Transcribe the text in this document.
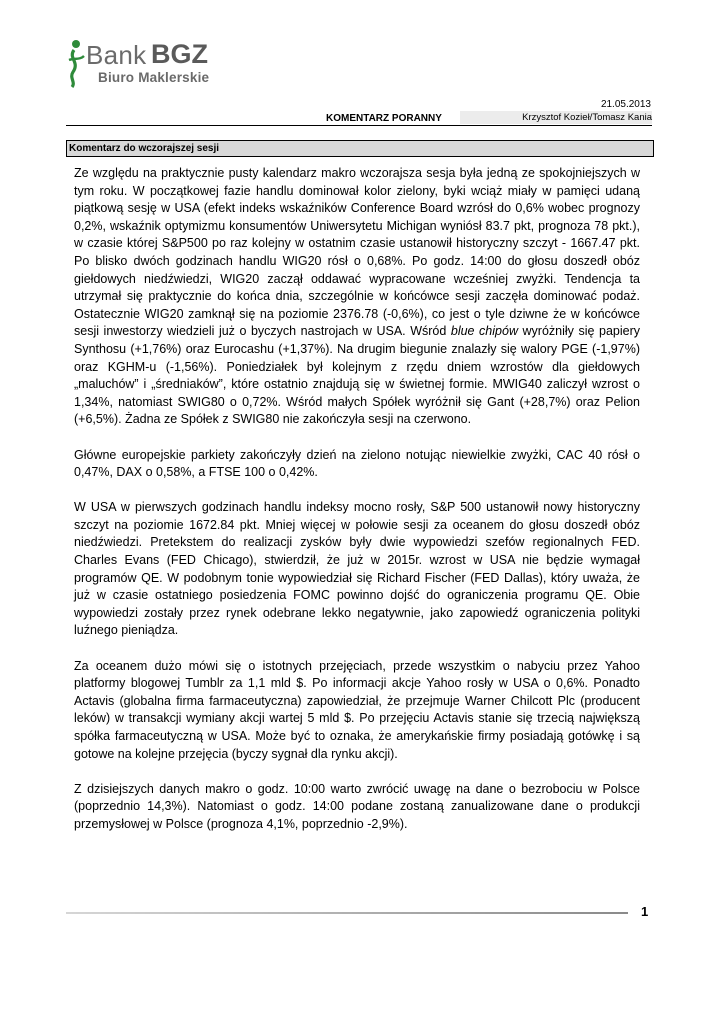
Bank BGZ
Biuro Maklerskie
21.05.2013
KOMENTARZ PORANNY	Krzysztof Kozieł/Tomasz Kania
Komentarz do wczorajszej sesji

Ze względu na praktycznie pusty kalendarz makro wczorajsza sesja była jedną ze spokojniejszych w tym roku. W początkowej fazie handlu dominował kolor zielony, byki wciąż miały w pamięci udaną piątkową sesję w USA (efekt indeks wskaźników Conference Board wzrósł do 0,6% wobec prognozy 0,2%, wskaźnik optymizmu konsumentów Uniwersytetu Michigan wyniósł 83.7 pkt, prognoza 78 pkt.), w czasie której S&P500 po raz kolejny w ostatnim czasie ustanowił historyczny szczyt - 1667.47 pkt. Po blisko dwóch godzinach handlu WIG20 rósł o 0,68%. Po godz. 14:00 do głosu doszedł obóz giełdowych niedźwiedzi, WIG20 zaczął oddawać wypracowane wcześniej zwyżki. Tendencja ta utrzymał się praktycznie do końca dnia, szczególnie w końcówce sesji zaczęła dominować podaż. Ostatecznie WIG20 zamknął się na poziomie 2376.78 (-0,6%), co jest o tyle dziwne że w końcówce sesji inwestorzy wiedzieli już o byczych nastrojach w USA. Wśród blue chipów wyróżniły się papiery Synthosu (+1,76%) oraz Eurocashu (+1,37%). Na drugim biegunie znalazły się walory PGE (-1,97%) oraz KGHM-u (-1,56%). Poniedziałek był kolejnym z rzędu dniem wzrostów dla giełdowych „maluchów” i „średniaków”, które ostatnio znajdują się w świetnej formie. MWIG40 zaliczył wzrost o 1,34%, natomiast SWIG80 o 0,72%. Wśród małych Spółek wyróżnił się Gant (+28,7%) oraz Pelion (+6,5%). Żadna ze Spółek z SWIG80 nie zakończyła sesji na czerwono.

Główne europejskie parkiety zakończyły dzień na zielono notując niewielkie zwyżki, CAC 40 rósł o 0,47%, DAX o 0,58%, a FTSE 100 o 0,42%.

W USA w pierwszych godzinach handlu indeksy mocno rosły, S&P 500 ustanowił nowy historyczny szczyt na poziomie 1672.84 pkt. Mniej więcej w połowie sesji za oceanem do głosu doszedł obóz niedźwiedzi. Pretekstem do realizacji zysków były dwie wypowiedzi szefów regionalnych FED. Charles Evans (FED Chicago), stwierdził, że już w 2015r. wzrost w USA nie będzie wymagał programów QE. W podobnym tonie wypowiedział się Richard Fischer (FED Dallas), który uważa, że już w czasie ostatniego posiedzenia FOMC powinno dojść do ograniczenia programu QE. Obie wypowiedzi zostały przez rynek odebrane lekko negatywnie, jako zapowiedź ograniczenia polityki luźnego pieniądza.

Za oceanem dużo mówi się o istotnych przejęciach, przede wszystkim o nabyciu przez Yahoo platformy blogowej Tumblr za 1,1 mld $. Po informacji akcje Yahoo rosły w USA o 0,6%. Ponadto Actavis (globalna firma farmaceutyczna) zapowiedział, że przejmuje Warner Chilcott Plc (producent leków) w transakcji wymiany akcji wartej 5 mld $. Po przejęciu Actavis stanie się trzecią największą spółka farmaceutyczną w USA. Może być to oznaka, że amerykańskie firmy posiadają gotówkę i są gotowe na kolejne przejęcia (byczy sygnał dla rynku akcji).

Z dzisiejszych danych makro o godz. 10:00 warto zwrócić uwagę na dane o bezrobociu w Polsce (poprzednio 14,3%). Natomiast o godz. 14:00 podane zostaną zanualizowane dane o produkcji przemysłowej w Polsce (prognoza 4,1%, poprzednio -2,9%).

1
